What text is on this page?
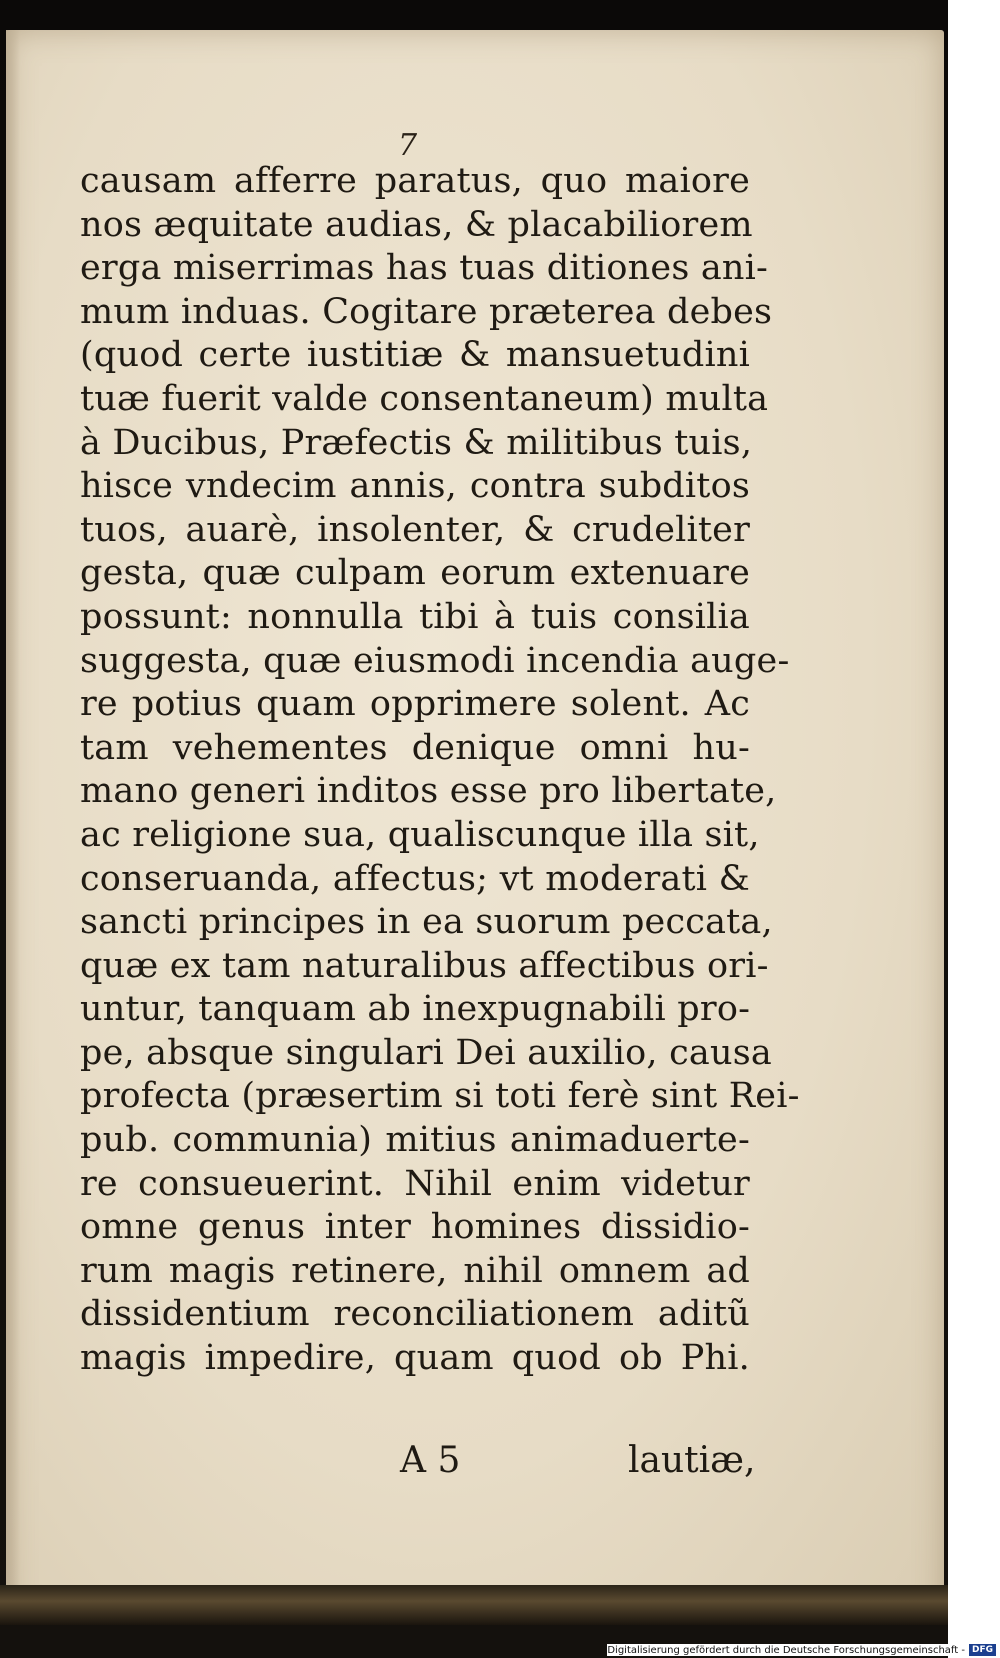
7
causam afferre paratus, quo maiore
nos æquitate audias, & placabiliorem
erga miserrimas has tuas ditiones ani-
mum induas. Cogitare præterea debes
(quod certe iustitiæ & mansuetudini
tuæ fuerit valde consentaneum) multa
à Ducibus, Præfectis & militibus tuis,
hisce vndecim annis, contra subditos
tuos, auarè, insolenter, & crudeliter
gesta, quæ culpam eorum extenuare
possunt: nonnulla tibi à tuis consilia
suggesta, quæ eiusmodi incendia auge-
re potius quam opprimere solent. Ac
tam vehementes denique omni hu-
mano generi inditos esse pro libertate,
ac religione sua, qualiscunque illa sit,
conseruanda, affectus; vt moderati &
sancti principes in ea suorum peccata,
quæ ex tam naturalibus affectibus ori-
untur, tanquam ab inexpugnabili pro-
pe, absque singulari Dei auxilio, causa
profecta (præsertim si toti ferè sint Rei-
pub. communia) mitius animaduerte-
re consueuerint. Nihil enim videtur
omne genus inter homines dissidio-
rum magis retinere, nihil omnem ad
dissidentium reconciliationem aditũ
magis impedire, quam quod ob Phi.
A 5	lautiæ,
Digitalisierung gefördert durch die Deutsche Forschungsgemeinschaft - DFG
